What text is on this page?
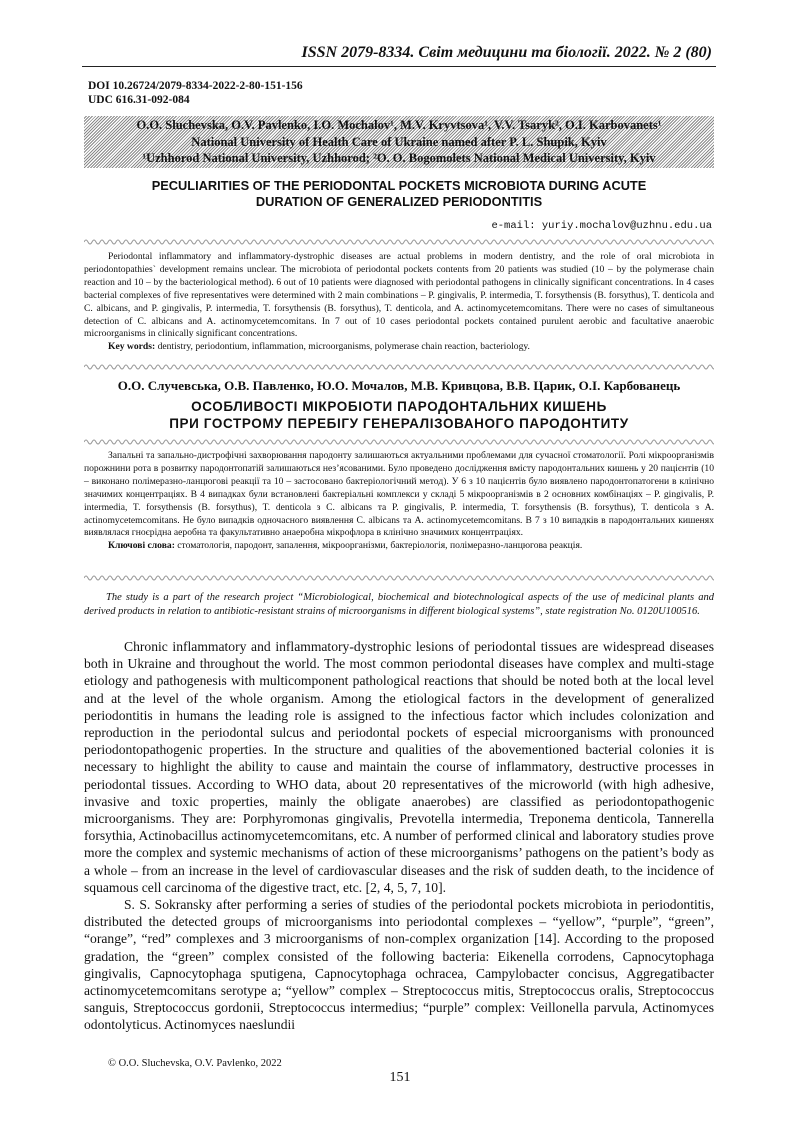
ISSN 2079-8334. Світ медицини та біології. 2022. № 2 (80)
DOI 10.26724/2079-8334-2022-2-80-151-156
UDC 616.31-092-084
O.O. Sluchevska, O.V. Pavlenko, I.O. Mochalov¹, M.V. Kryvtsova¹, V.V. Tsaryk², O.I. Karbovanets¹
National University of Health Care of Ukraine named after P. L. Shupik, Kyiv
¹Uzhhorod National University, Uzhhorod; ²O. O. Bogomolets National Medical University, Kyiv
PECULIARITIES OF THE PERIODONTAL POCKETS MICROBIOTA DURING ACUTE
DURATION OF GENERALIZED PERIODONTITIS
e-mail: yuriy.mochalov@uzhnu.edu.ua

Periodontal inflammatory and inflammatory-dystrophic diseases are actual problems in modern dentistry, and the role of oral microbiota in periodontopathies` development remains unclear. The microbiota of periodontal pockets contents from 20 patients was studied (10 – by the polymerase chain reaction and 10 – by the bacteriological method). 6 out of 10 patients were diagnosed with periodontal pathogens in clinically significant concentrations. In 4 cases bacterial complexes of five representatives were determined with 2 main combinations – P. gingivalis, P. intermedia, T. forsythensis (B. forsythus), T. denticola and C. albicans, and P. gingivalis, P. intermedia, T. forsythensis (B. forsythus), T. denticola, and A. actinomycetemcomitans. There were no cases of simultaneous detection of C. albicans and A. actinomycetemcomitans. In 7 out of 10 cases periodontal pockets contained purulent aerobic and facultative anaerobic microorganisms in clinically significant concentrations.

Key words: dentistry, periodontium, inflammation, microorganisms, polymerase chain reaction, bacteriology.

О.О. Случевська, О.В. Павленко, Ю.О. Мочалов, М.В. Кривцова, В.В. Царик, О.І. Карбованець
ОСОБЛИВОСТІ МІКРОБІОТИ ПАРОДОНТАЛЬНИХ КИШЕНЬ
ПРИ ГОСТРОМУ ПЕРЕБІГУ ГЕНЕРАЛІЗОВАНОГО ПАРОДОНТИТУ

Запальні та запально-дистрофічні захворювання пародонту залишаються актуальними проблемами для сучасної стоматології. Ролі мікроорганізмів порожнини рота в розвитку пародонтопатій залишаються нез’ясованими. Було проведено дослідження вмісту пародонтальних кишень у 20 пацієнтів (10 – виконано полімеразно-ланцюгові реакції та 10 – застосовано бактеріологічний метод). У 6 з 10 пацієнтів було виявлено пародонтопатогени в клінічно значимих концентраціях. В 4 випадках були встановлені бактеріальні комплекси у складі 5 мікроорганізмів в 2 основних комбінаціях – P. gingivalis, P. intermedia, T. forsythensis (B. forsythus), T. denticola з C. albicans та P. gingivalis, P. intermedia, T. forsythensis (B. forsythus), T. denticola з A. actinomycetemcomitans. Не було випадків одночасного виявлення C. albicans та A. actinomycetemcomitans. В 7 з 10 випадків в пародонтальних кишенях виявлялася гноєрідна аеробна та факультативно анаеробна мікрофлора в клінічно значимих концентраціях.

Ключові слова: стоматологія, пародонт, запалення, мікроорганізми, бактеріологія, полімеразно-ланцюгова реакція.

The study is a part of the research project “Microbiological, biochemical and biotechnological aspects of the use of medicinal plants and derived products in relation to antibiotic-resistant strains of microorganisms in different biological systems”, state registration No. 0120U100516.

Chronic inflammatory and inflammatory-dystrophic lesions of periodontal tissues are widespread diseases both in Ukraine and throughout the world. The most common periodontal diseases have complex and multi-stage etiology and pathogenesis with multicomponent pathological reactions that should be noted both at the local level and at the level of the whole organism. Among the etiological factors in the development of generalized periodontitis in humans the leading role is assigned to the infectious factor which includes colonization and reproduction in the periodontal sulcus and periodontal pockets of especial microorganisms with pronounced periodontopathogenic properties. In the structure and qualities of the abovementioned bacterial colonies it is necessary to highlight the ability to cause and maintain the course of inflammatory, destructive processes in periodontal tissues. According to WHO data, about 20 representatives of the microworld (with high adhesive, invasive and toxic properties, mainly the obligate anaerobes) are classified as periodontopathogenic microorganisms. They are: Porphyromonas gingivalis, Prevotella intermedia, Treponema denticola, Tannerella forsythia, Actinobacillus actinomycetemcomitans, etc. A number of performed clinical and laboratory studies prove more the complex and systemic mechanisms of action of these microorganisms’ pathogens on the patient’s body as a whole – from an increase in the level of cardiovascular diseases and the risk of sudden death, to the incidence of squamous cell carcinoma of the digestive tract, etc. [2, 4, 5, 7, 10].

S. S. Sokransky after performing a series of studies of the periodontal pockets microbiota in periodontitis, distributed the detected groups of microorganisms into periodontal complexes – “yellow”, “purple”, “green”, “orange”, “red” complexes and 3 microorganisms of non-complex organization [14]. According to the proposed gradation, the “green” complex consisted of the following bacteria: Eikenella corrodens, Capnocytophaga gingivalis, Capnocytophaga sputigena, Capnocytophaga ochracea, Campylobacter concisus, Aggregatibacter actinomycetemcomitans serotype a; “yellow” complex – Streptococcus mitis, Streptococcus oralis, Streptococcus sanguis, Streptococcus gordonii, Streptococcus intermedius; “purple” complex: Veillonella parvula, Actinomyces odontolyticus. Actinomyces naeslundii

© O.O. Sluchevska, O.V. Pavlenko, 2022
151
